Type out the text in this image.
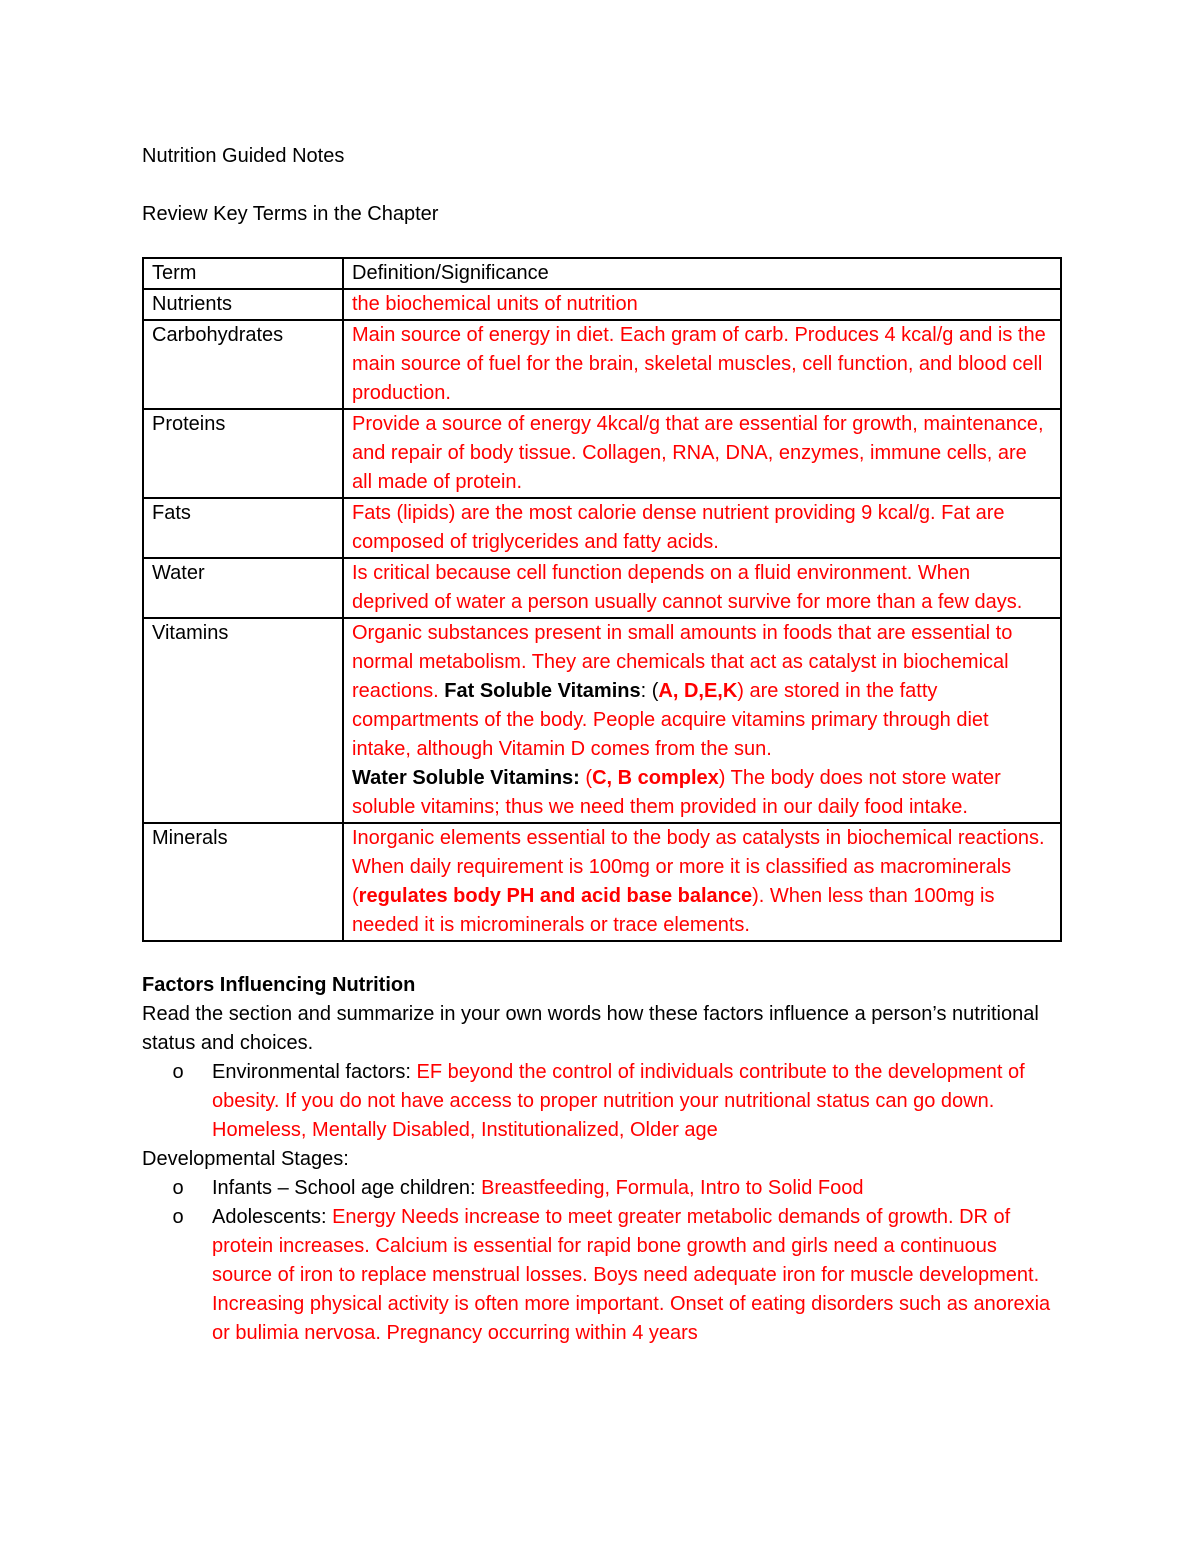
Nutrition Guided Notes

Review Key Terms in the Chapter

Term	Definition/Significance
Nutrients	the biochemical units of nutrition
Carbohydrates	Main source of energy in diet. Each gram of carb. Produces 4 kcal/g and is the main source of fuel for the brain, skeletal muscles, cell function, and blood cell production.
Proteins	Provide a source of energy 4kcal/g that are essential for growth, maintenance, and repair of body tissue. Collagen, RNA, DNA, enzymes, immune cells, are all made of protein.
Fats	Fats (lipids) are the most calorie dense nutrient providing 9 kcal/g. Fat are composed of triglycerides and fatty acids.
Water	Is critical because cell function depends on a fluid environment. When deprived of water a person usually cannot survive for more than a few days.
Vitamins	Organic substances present in small amounts in foods that are essential to normal metabolism. They are chemicals that act as catalyst in biochemical reactions. Fat Soluble Vitamins: (A, D,E,K) are stored in the fatty compartments of the body. People acquire vitamins primary through diet intake, although Vitamin D comes from the sun.
Water Soluble Vitamins: (C, B complex) The body does not store water soluble vitamins; thus we need them provided in our daily food intake.
Minerals	Inorganic elements essential to the body as catalysts in biochemical reactions. When daily requirement is 100mg or more it is classified as macrominerals (regulates body PH and acid base balance). When less than 100mg is needed it is microminerals or trace elements.
Factors Influencing Nutrition

Read the section and summarize in your own words how these factors influence a person’s nutritional status and choices.

o Environmental factors: EF beyond the control of individuals contribute to the development of obesity. If you do not have access to proper nutrition your nutritional status can go down. Homeless, Mentally Disabled, Institutionalized, Older age

Developmental Stages:

o Infants – School age children: Breastfeeding, Formula, Intro to Solid Food
o Adolescents: Energy Needs increase to meet greater metabolic demands of growth. DR of protein increases. Calcium is essential for rapid bone growth and girls need a continuous source of iron to replace menstrual losses. Boys need adequate iron for muscle development. Increasing physical activity is often more important. Onset of eating disorders such as anorexia or bulimia nervosa. Pregnancy occurring within 4 years
